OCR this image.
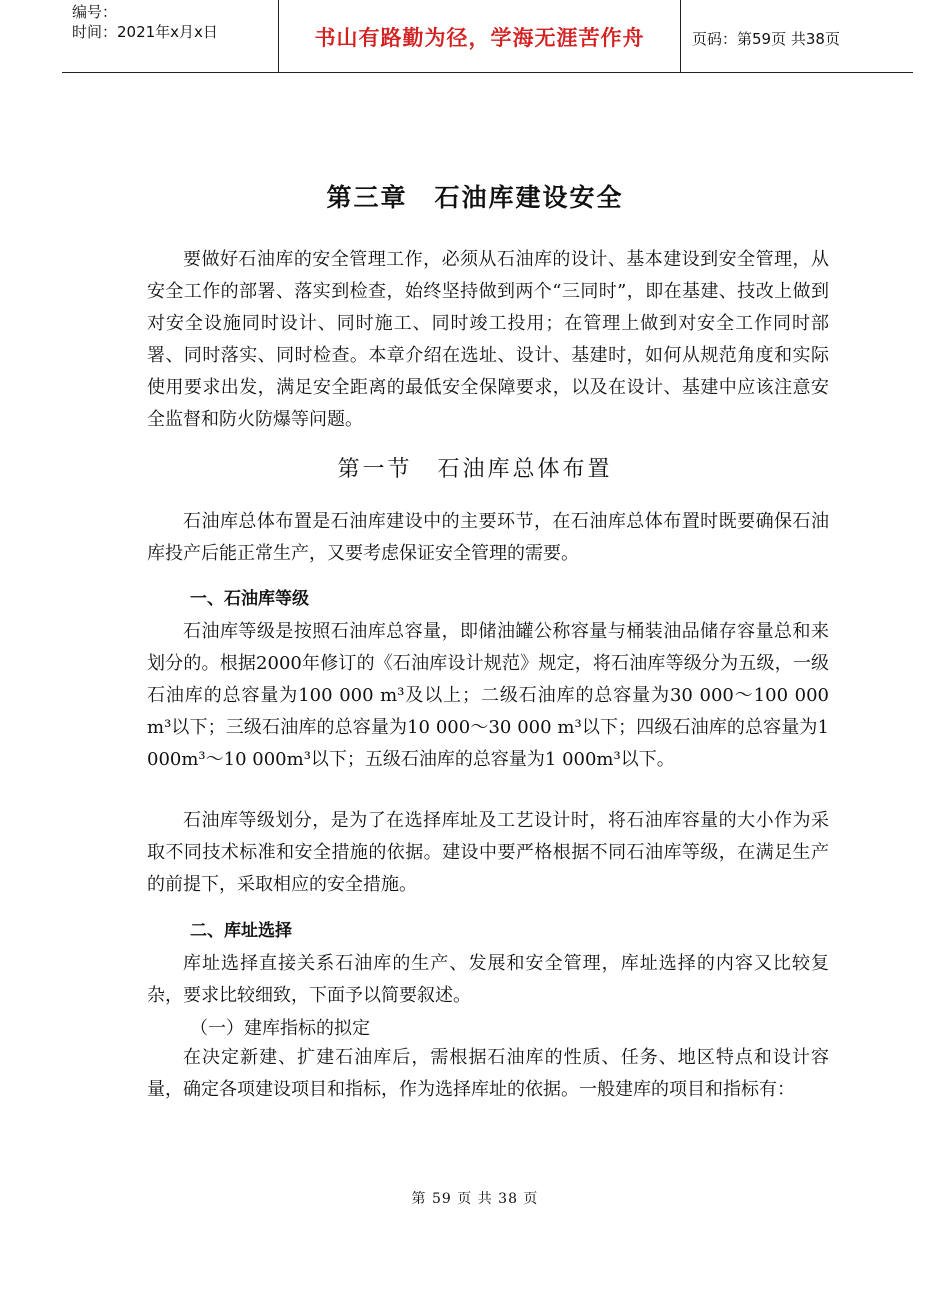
编号：
时间：2021年x月x日	书山有路勤为径，学海无涯苦作舟	页码：第59页 共38页
第三章　石油库建设安全

要做好石油库的安全管理工作，必须从石油库的设计、基本建设到安全管理，从安全工作的部署、落实到检查，始终坚持做到两个“三同时”，即在基建、技改上做到对安全设施同时设计、同时施工、同时竣工投用；在管理上做到对安全工作同时部署、同时落实、同时检查。本章介绍在选址、设计、基建时，如何从规范角度和实际使用要求出发，满足安全距离的最低安全保障要求，以及在设计、基建中应该注意安全监督和防火防爆等问题。

第一节　石油库总体布置

石油库总体布置是石油库建设中的主要环节，在石油库总体布置时既要确保石油库投产后能正常生产，又要考虑保证安全管理的需要。

一、石油库等级

石油库等级是按照石油库总容量，即储油罐公称容量与桶装油品储存容量总和来划分的。根据2000年修订的《石油库设计规范》规定，将石油库等级分为五级，一级石油库的总容量为100 000 m³及以上；二级石油库的总容量为30 000～100 000 m³以下；三级石油库的总容量为10 000～30 000 m³以下；四级石油库的总容量为1 000m³～10 000m³以下；五级石油库的总容量为1 000m³以下。

石油库等级划分，是为了在选择库址及工艺设计时，将石油库容量的大小作为采取不同技术标准和安全措施的依据。建设中要严格根据不同石油库等级，在满足生产的前提下，采取相应的安全措施。

二、库址选择

库址选择直接关系石油库的生产、发展和安全管理，库址选择的内容又比较复杂，要求比较细致，下面予以简要叙述。

（一）建库指标的拟定

在决定新建、扩建石油库后，需根据石油库的性质、任务、地区特点和设计容量，确定各项建设项目和指标，作为选择库址的依据。一般建库的项目和指标有：

第 59 页 共 38 页
